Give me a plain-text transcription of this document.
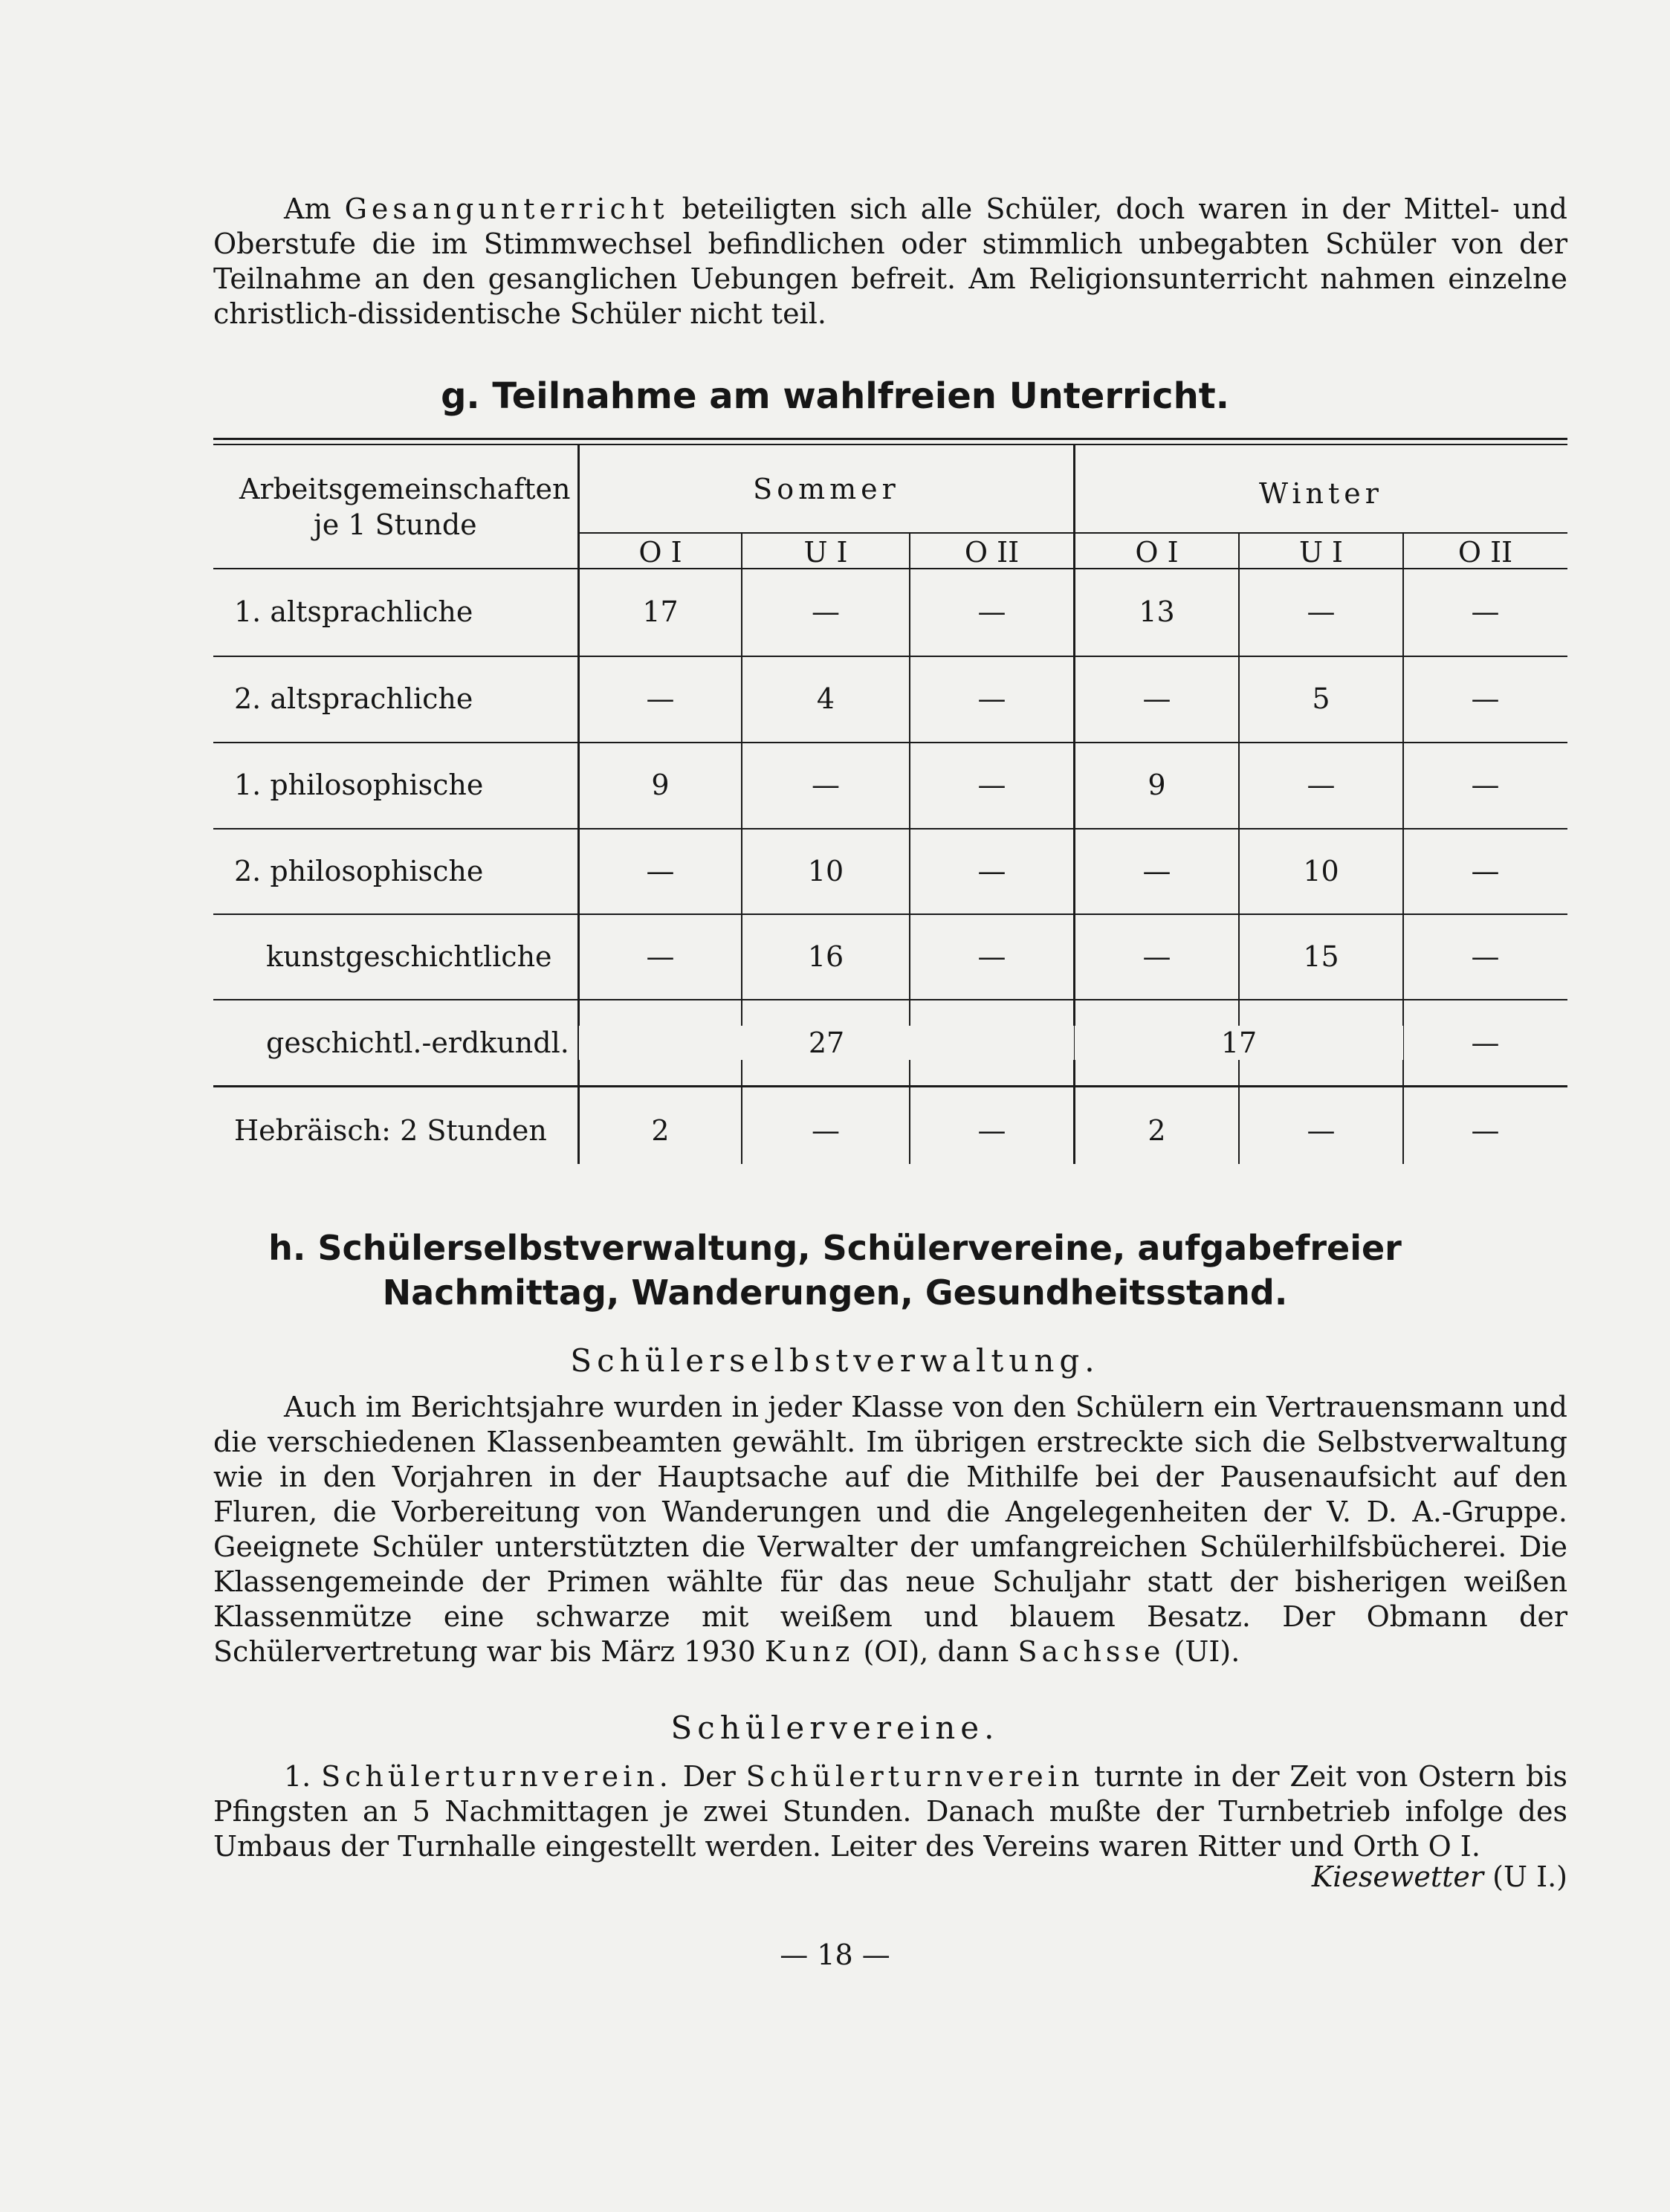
Am Gesangunterricht beteiligten sich alle Schüler, doch waren in der Mittel- und Oberstufe die im Stimmwechsel befindlichen oder stimmlich unbegabten Schüler von der Teilnahme an den gesanglichen Uebungen befreit. Am Religionsunterricht nahmen einzelne christlich-dissidentische Schüler nicht teil.

g. Teilnahme am wahlfreien Unterricht.
Arbeitsgemeinschaften
je 1 Stunde
Sommer	Winter
O I	U I	O II	O I	U I	O II
1. altsprachliche	17	—	—	13	—	—
2. altsprachliche	—	4	—	—	5	—
1. philosophische	9	—	—	9	—	—
2. philosophische	—	10	—	—	10	—
kunstgeschichtliche	—	16	—	—	15	—
geschichtl.-erdkundl.	27	17	—
Hebräisch: 2 Stunden	2	—	—	2	—	—
h. Schülerselbstverwaltung, Schülervereine, aufgabefreier
Nachmittag, Wanderungen, Gesundheitsstand.

Schülerselbstverwaltung.

Auch im Berichtsjahre wurden in jeder Klasse von den Schülern ein Vertrauensmann und die verschiedenen Klassenbeamten gewählt. Im übrigen erstreckte sich die Selbstverwaltung wie in den Vorjahren in der Hauptsache auf die Mithilfe bei der Pausenaufsicht auf den Fluren, die Vorbereitung von Wanderungen und die Angelegenheiten der V. D. A.-Gruppe. Geeignete Schüler unterstützten die Verwalter der umfangreichen Schülerhilfsbücherei. Die Klassengemeinde der Primen wählte für das neue Schuljahr statt der bisherigen weißen Klassenmütze eine schwarze mit weißem und blauem Besatz. Der Obmann der Schülervertretung war bis März 1930 Kunz (OI), dann Sachsse (UI).

Schülervereine.

1. Schülerturnverein. Der Schülerturnverein turnte in der Zeit von Ostern bis Pfingsten an 5 Nachmittagen je zwei Stunden. Danach mußte der Turnbetrieb infolge des Umbaus der Turnhalle eingestellt werden. Leiter des Vereins waren Ritter und Orth O I.

Kiesewetter (U I.)
— 18 —
